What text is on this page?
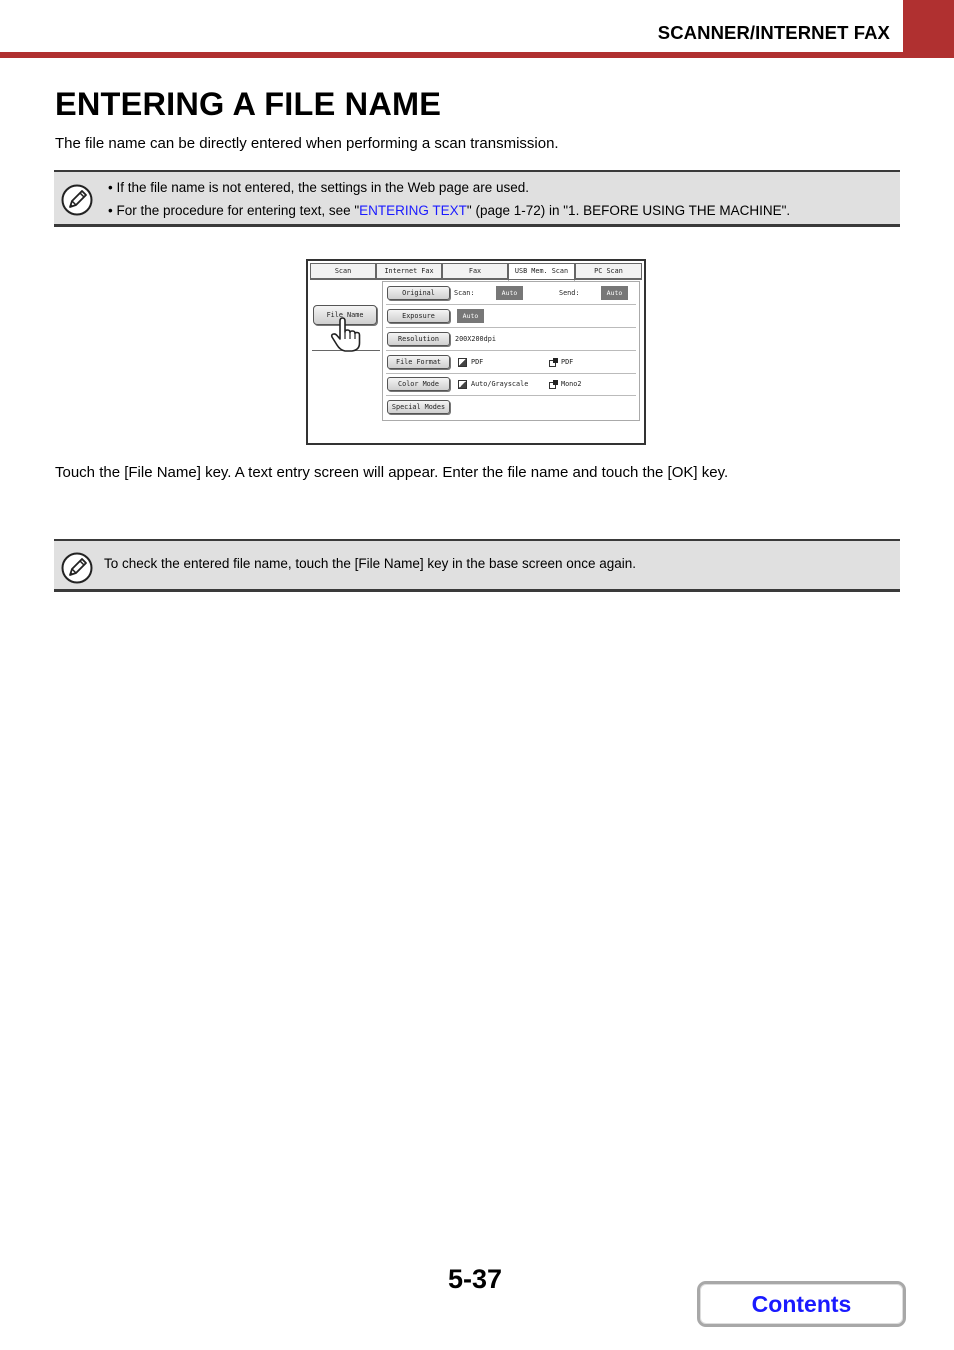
SCANNER/INTERNET FAX
ENTERING A FILE NAME

The file name can be directly entered when performing a scan transmission.

• If the file name is not entered, the settings in the Web page are used.
• For the procedure for entering text, see "ENTERING TEXT" (page 1-72) in "1. BEFORE USING THE MACHINE".
Scan	Internet Fax	Fax	USB Mem. Scan	PC Scan
File Name
Original	Scan:	Auto	Send:	Auto
Exposure	Auto
Resolution	200X200dpi
File Format	PDF	PDF
Color Mode	Auto/Grayscale	Mono2
Special Modes

Touch the [File Name] key. A text entry screen will appear. Enter the file name and touch the [OK] key.

To check the entered file name, touch the [File Name] key in the base screen once again.

5-37
Contents
